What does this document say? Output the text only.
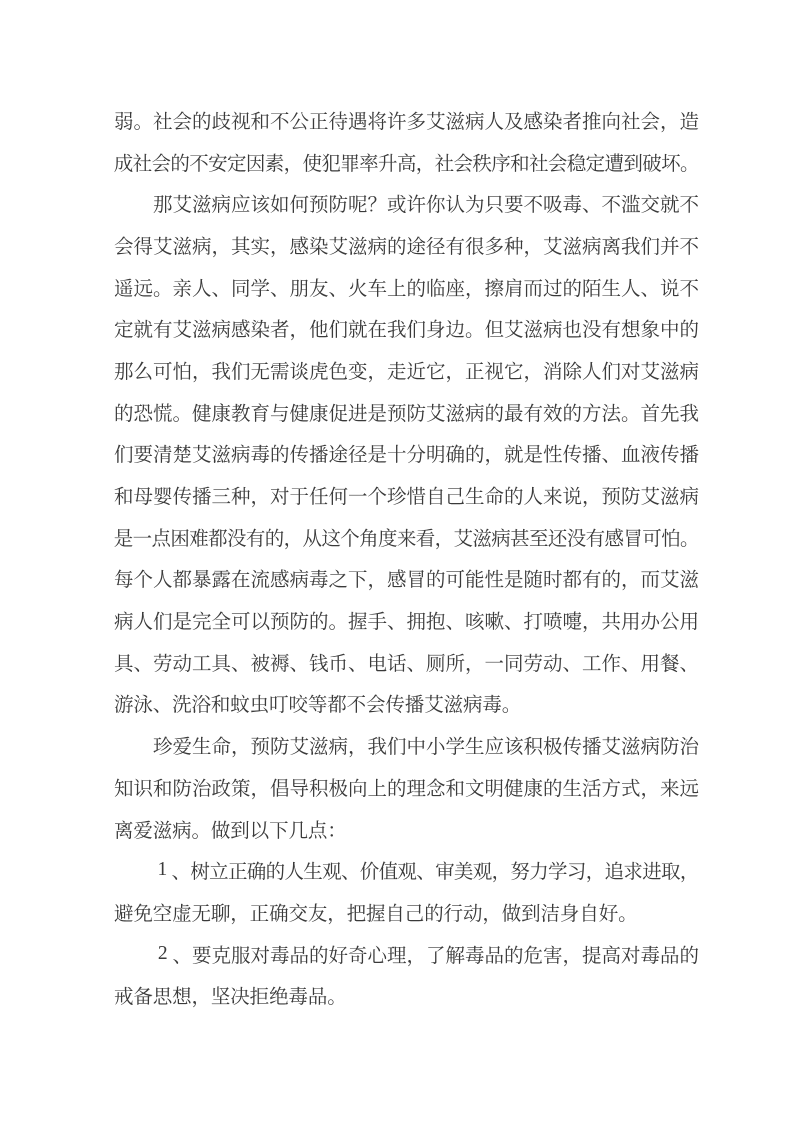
弱 。 社 会 的 歧 视 和 不 公 正 待 遇 将 许 多 艾 滋 病 人 及 感 染 者 推 向 社 会 ， 造
成 社 会 的 不 安 定 因 素 ， 使 犯 罪 率 升 高 ， 社 会 秩 序 和 社 会 稳 定 遭 到 破 坏 。
那 艾 滋 病 应 该 如 何 预 防 呢 ？ 或 许 你 认 为 只 要 不 吸 毒 、 不 滥 交 就 不
会 得 艾 滋 病 ， 其 实 ， 感 染 艾 滋 病 的 途 径 有 很 多 种 ， 艾 滋 病 离 我 们 并 不
遥 远 。 亲 人 、 同 学 、 朋 友 、 火 车 上 的 临 座 ， 擦 肩 而 过 的 陌 生 人 、 说 不
定 就 有 艾 滋 病 感 染 者 ， 他 们 就 在 我 们 身 边 。 但 艾 滋 病 也 没 有 想 象 中 的
那 么 可 怕 ， 我 们 无 需 谈 虎 色 变 ， 走 近 它 ， 正 视 它 ， 消 除 人 们 对 艾 滋 病
的 恐 慌 。 健 康 教 育 与 健 康 促 进 是 预 防 艾 滋 病 的 最 有 效 的 方 法 。 首 先 我
们 要 清 楚 艾 滋 病 毒 的 传 播 途 径 是 十 分 明 确 的 ， 就 是 性 传 播 、 血 液 传 播
和 母 婴 传 播 三 种 ， 对 于 任 何 一 个 珍 惜 自 己 生 命 的 人 来 说 ， 预 防 艾 滋 病
是 一 点 困 难 都 没 有 的 ， 从 这 个 角 度 来 看 ， 艾 滋 病 甚 至 还 没 有 感 冒 可 怕 。
每 个 人 都 暴 露 在 流 感 病 毒 之 下 ， 感 冒 的 可 能 性 是 随 时 都 有 的 ， 而 艾 滋
病 人 们 是 完 全 可 以 预 防 的 。 握 手 、 拥 抱 、 咳 嗽 、 打 喷 嚏 ， 共 用 办 公 用
具 、 劳 动 工 具 、 被 褥 、 钱 币 、 电 话 、 厕 所 ， 一 同 劳 动 、 工 作 、 用 餐 、
游 泳 、 洗 浴 和 蚊 虫 叮 咬 等 都 不 会 传 播 艾 滋 病 毒 。
珍 爱 生 命 ， 预 防 艾 滋 病 ， 我 们 中 小 学 生 应 该 积 极 传 播 艾 滋 病 防 治
知 识 和 防 治 政 策 ， 倡 导 积 极 向 上 的 理 念 和 文 明 健 康 的 生 活 方 式 ， 来 远
离 爱 滋 病 。 做 到 以 下 几 点 ：
1 、 树 立 正 确 的 人 生 观 、 价 值 观 、 审 美 观 ， 努 力 学 习 ， 追 求 进 取 ，
避 免 空 虚 无 聊 ， 正 确 交 友 ， 把 握 自 己 的 行 动 ， 做 到 洁 身 自 好 。
2 、 要 克 服 对 毒 品 的 好 奇 心 理 ， 了 解 毒 品 的 危 害 ， 提 高 对 毒 品 的
戒 备 思 想 ， 坚 决 拒 绝 毒 品 。
